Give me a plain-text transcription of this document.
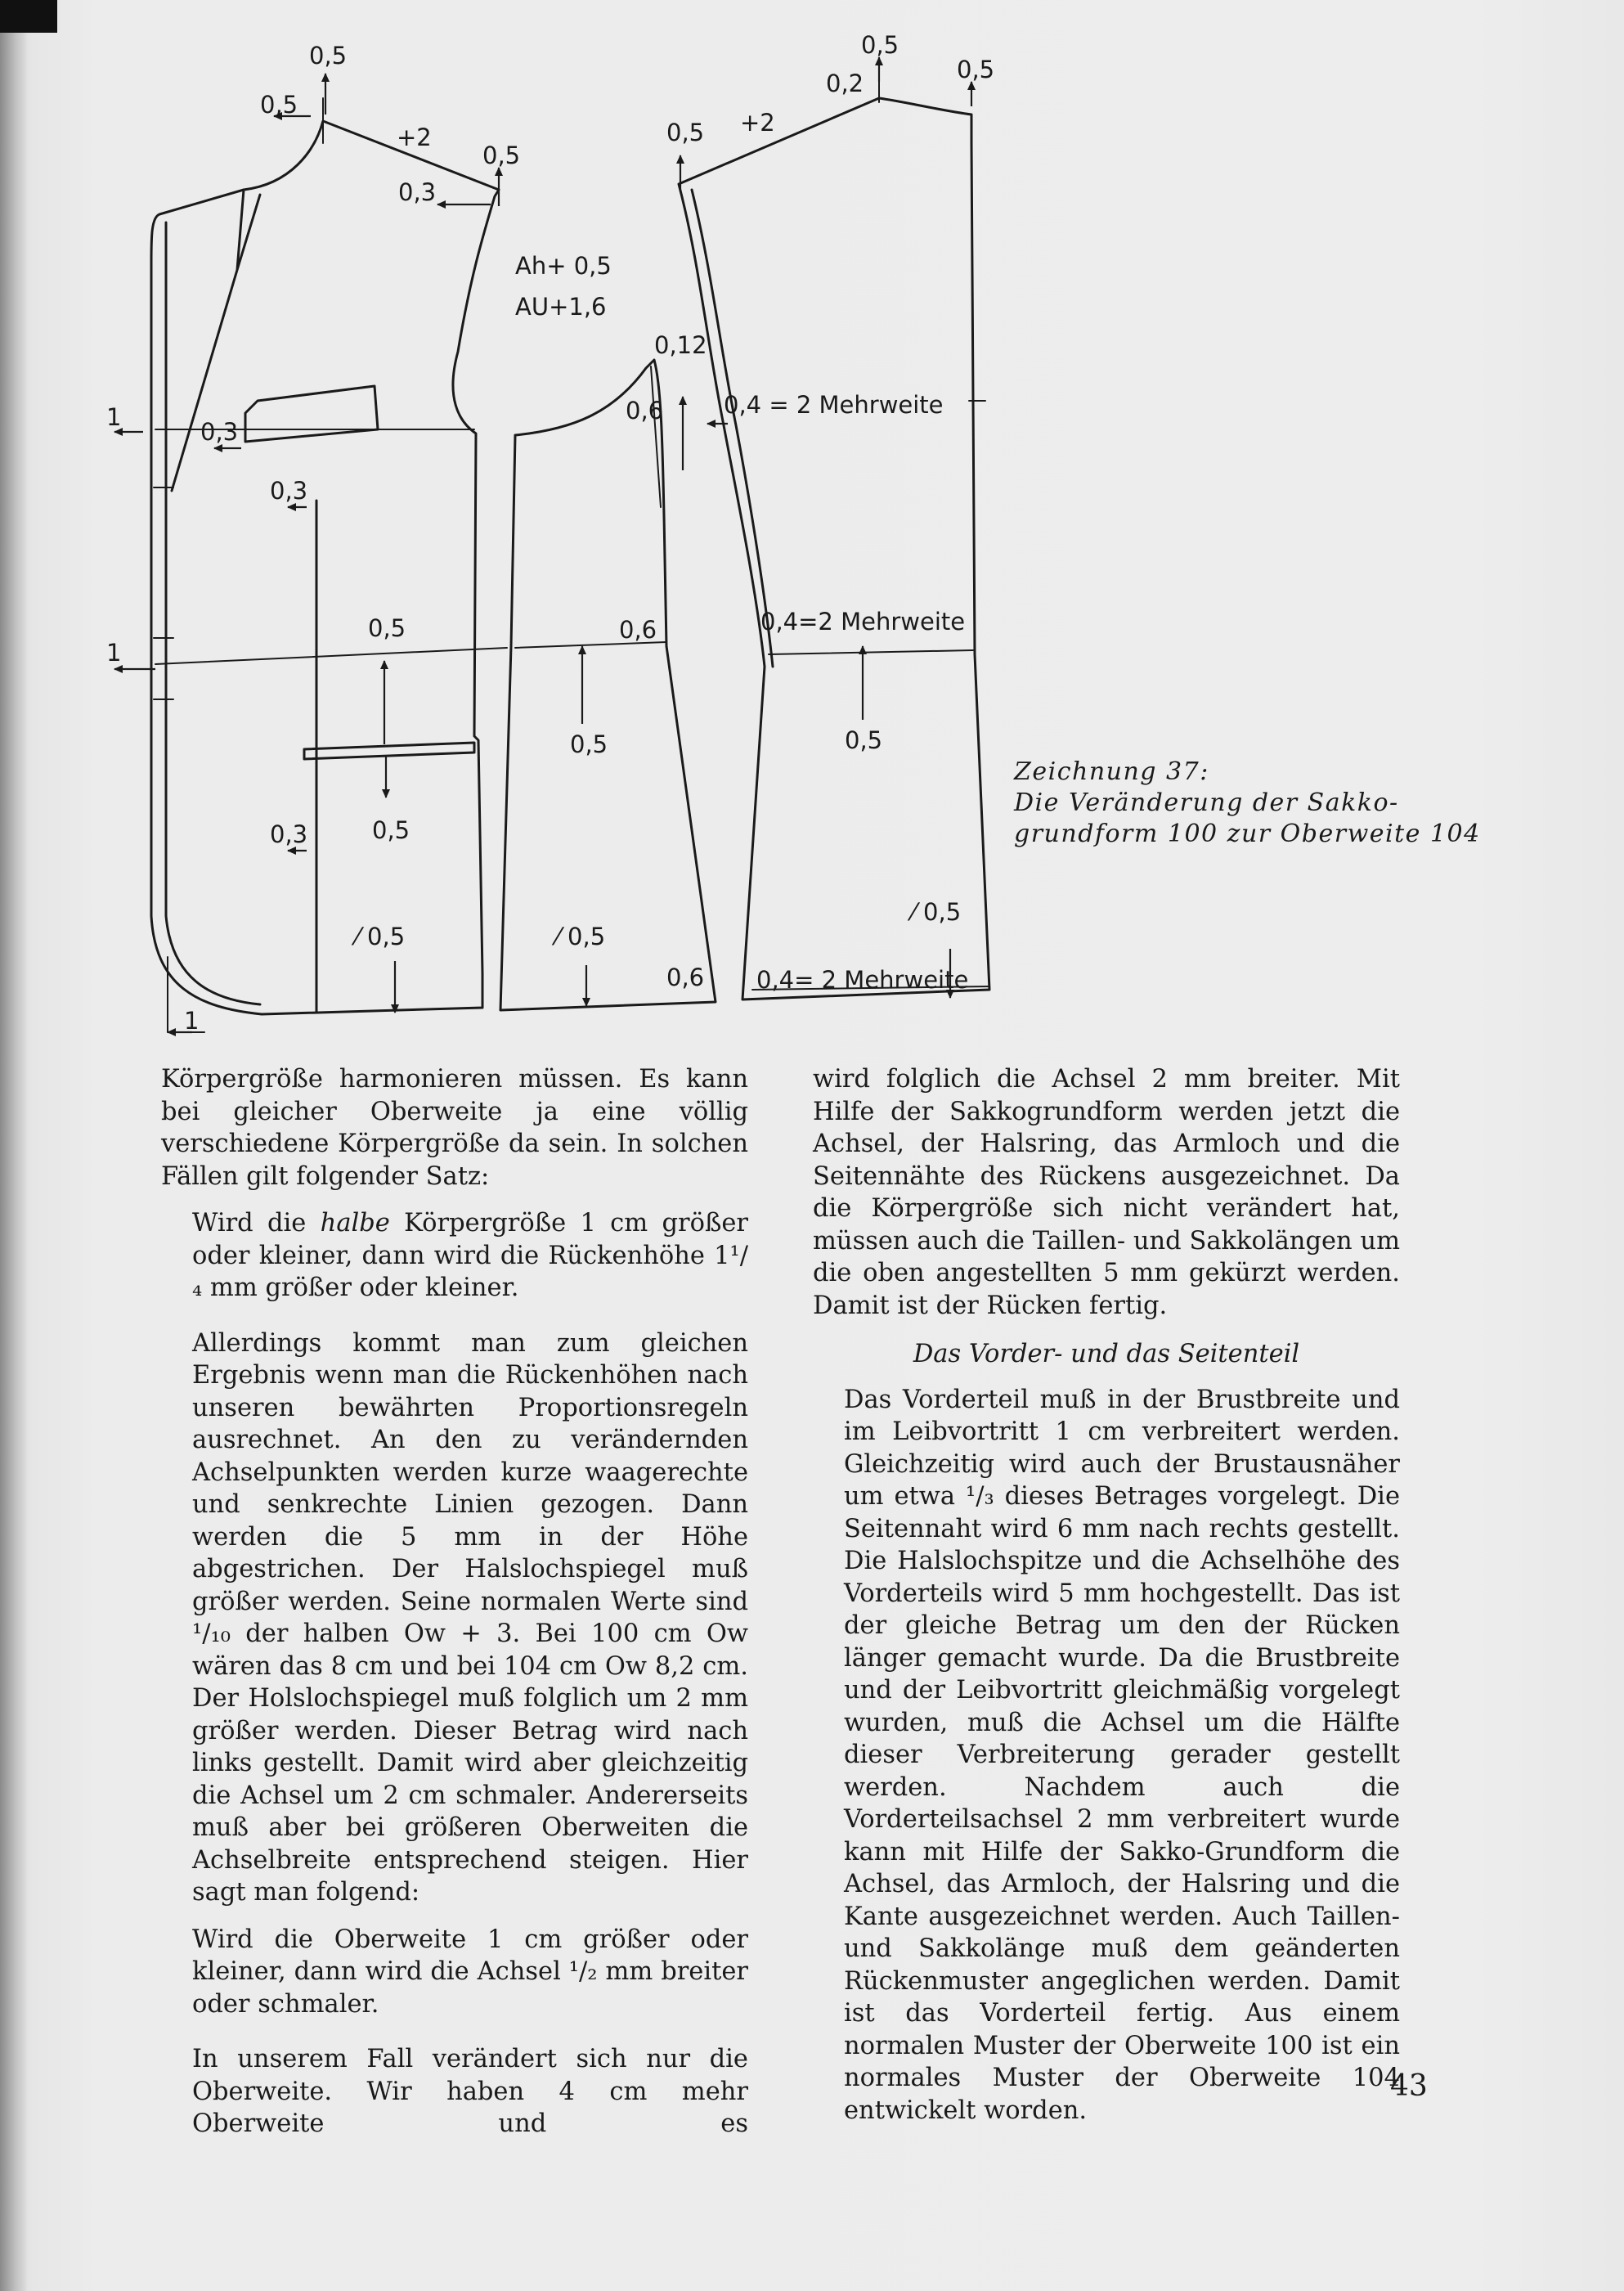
0,5
0,5
+2
0,5
0,3
Ah+ 0,5
AU+1,6
0,5
0,2	0,5
0,5 +2
0,12
0,6	0,4 = 2 Mehrweite
1
0,3
0,3
1
0,5	0,6	0,4=2 Mehrweite
0,5	0,5
0,3	0,5
⁄ 0,5
⁄ 0,5	⁄ 0,5
0,6 0,4= 2 Mehrweite
1
Zeichnung 37:
Die Veränderung der Sakko-
grundform 100 zur Oberweite 104

Körpergröße harmonieren müssen. Es kann bei gleicher Oberweite ja eine völlig verschiedene Körpergröße da sein. In solchen Fällen gilt folgender Satz:

Wird die halbe Körpergröße 1 cm größer oder kleiner, dann wird die Rückenhöhe 1¹/₄ mm größer oder kleiner.

Allerdings kommt man zum gleichen Ergebnis wenn man die Rückenhöhen nach unseren bewährten Proportionsregeln ausrechnet. An den zu verändernden Achselpunkten werden kurze waagerechte und senkrechte Linien gezogen. Dann werden die 5 mm in der Höhe abgestrichen. Der Halslochspiegel muß größer werden. Seine normalen Werte sind ¹/₁₀ der halben Ow + 3. Bei 100 cm Ow wären das 8 cm und bei 104 cm Ow 8,2 cm. Der Holslochspiegel muß folglich um 2 mm größer werden. Dieser Betrag wird nach links gestellt. Damit wird aber gleichzeitig die Achsel um 2 cm schmaler. Andererseits muß aber bei größeren Oberweiten die Achselbreite entsprechend steigen. Hier sagt man folgend:

Wird die Oberweite 1 cm größer oder kleiner, dann wird die Achsel ¹/₂ mm breiter oder schmaler.

In unserem Fall verändert sich nur die Oberweite. Wir haben 4 cm mehr Oberweite und es

wird folglich die Achsel 2 mm breiter. Mit Hilfe der Sakkogrundform werden jetzt die Achsel, der Halsring, das Armloch und die Seitennähte des Rückens ausgezeichnet. Da die Körpergröße sich nicht verändert hat, müssen auch die Taillen- und Sakkolängen um die oben angestellten 5 mm gekürzt werden. Damit ist der Rücken fertig.

Das Vorder- und das Seitenteil

Das Vorderteil muß in der Brustbreite und im Leibvortritt 1 cm verbreitert werden. Gleichzeitig wird auch der Brustausnäher um etwa ¹/₃ dieses Betrages vorgelegt. Die Seitennaht wird 6 mm nach rechts gestellt. Die Halslochspitze und die Achselhöhe des Vorderteils wird 5 mm hochgestellt. Das ist der gleiche Betrag um den der Rücken länger gemacht wurde. Da die Brustbreite und der Leibvortritt gleichmäßig vorgelegt wurden, muß die Achsel um die Hälfte dieser Verbreiterung gerader gestellt werden. Nachdem auch die Vorderteilsachsel 2 mm verbreitert wurde kann mit Hilfe der Sakko-Grundform die Achsel, das Armloch, der Halsring und die Kante ausgezeichnet werden. Auch Taillen- und Sakkolänge muß dem geänderten Rückenmuster angeglichen werden. Damit ist das Vorderteil fertig. Aus einem normalen Muster der Oberweite 100 ist ein normales Muster der Oberweite 104 entwickelt worden.

43
